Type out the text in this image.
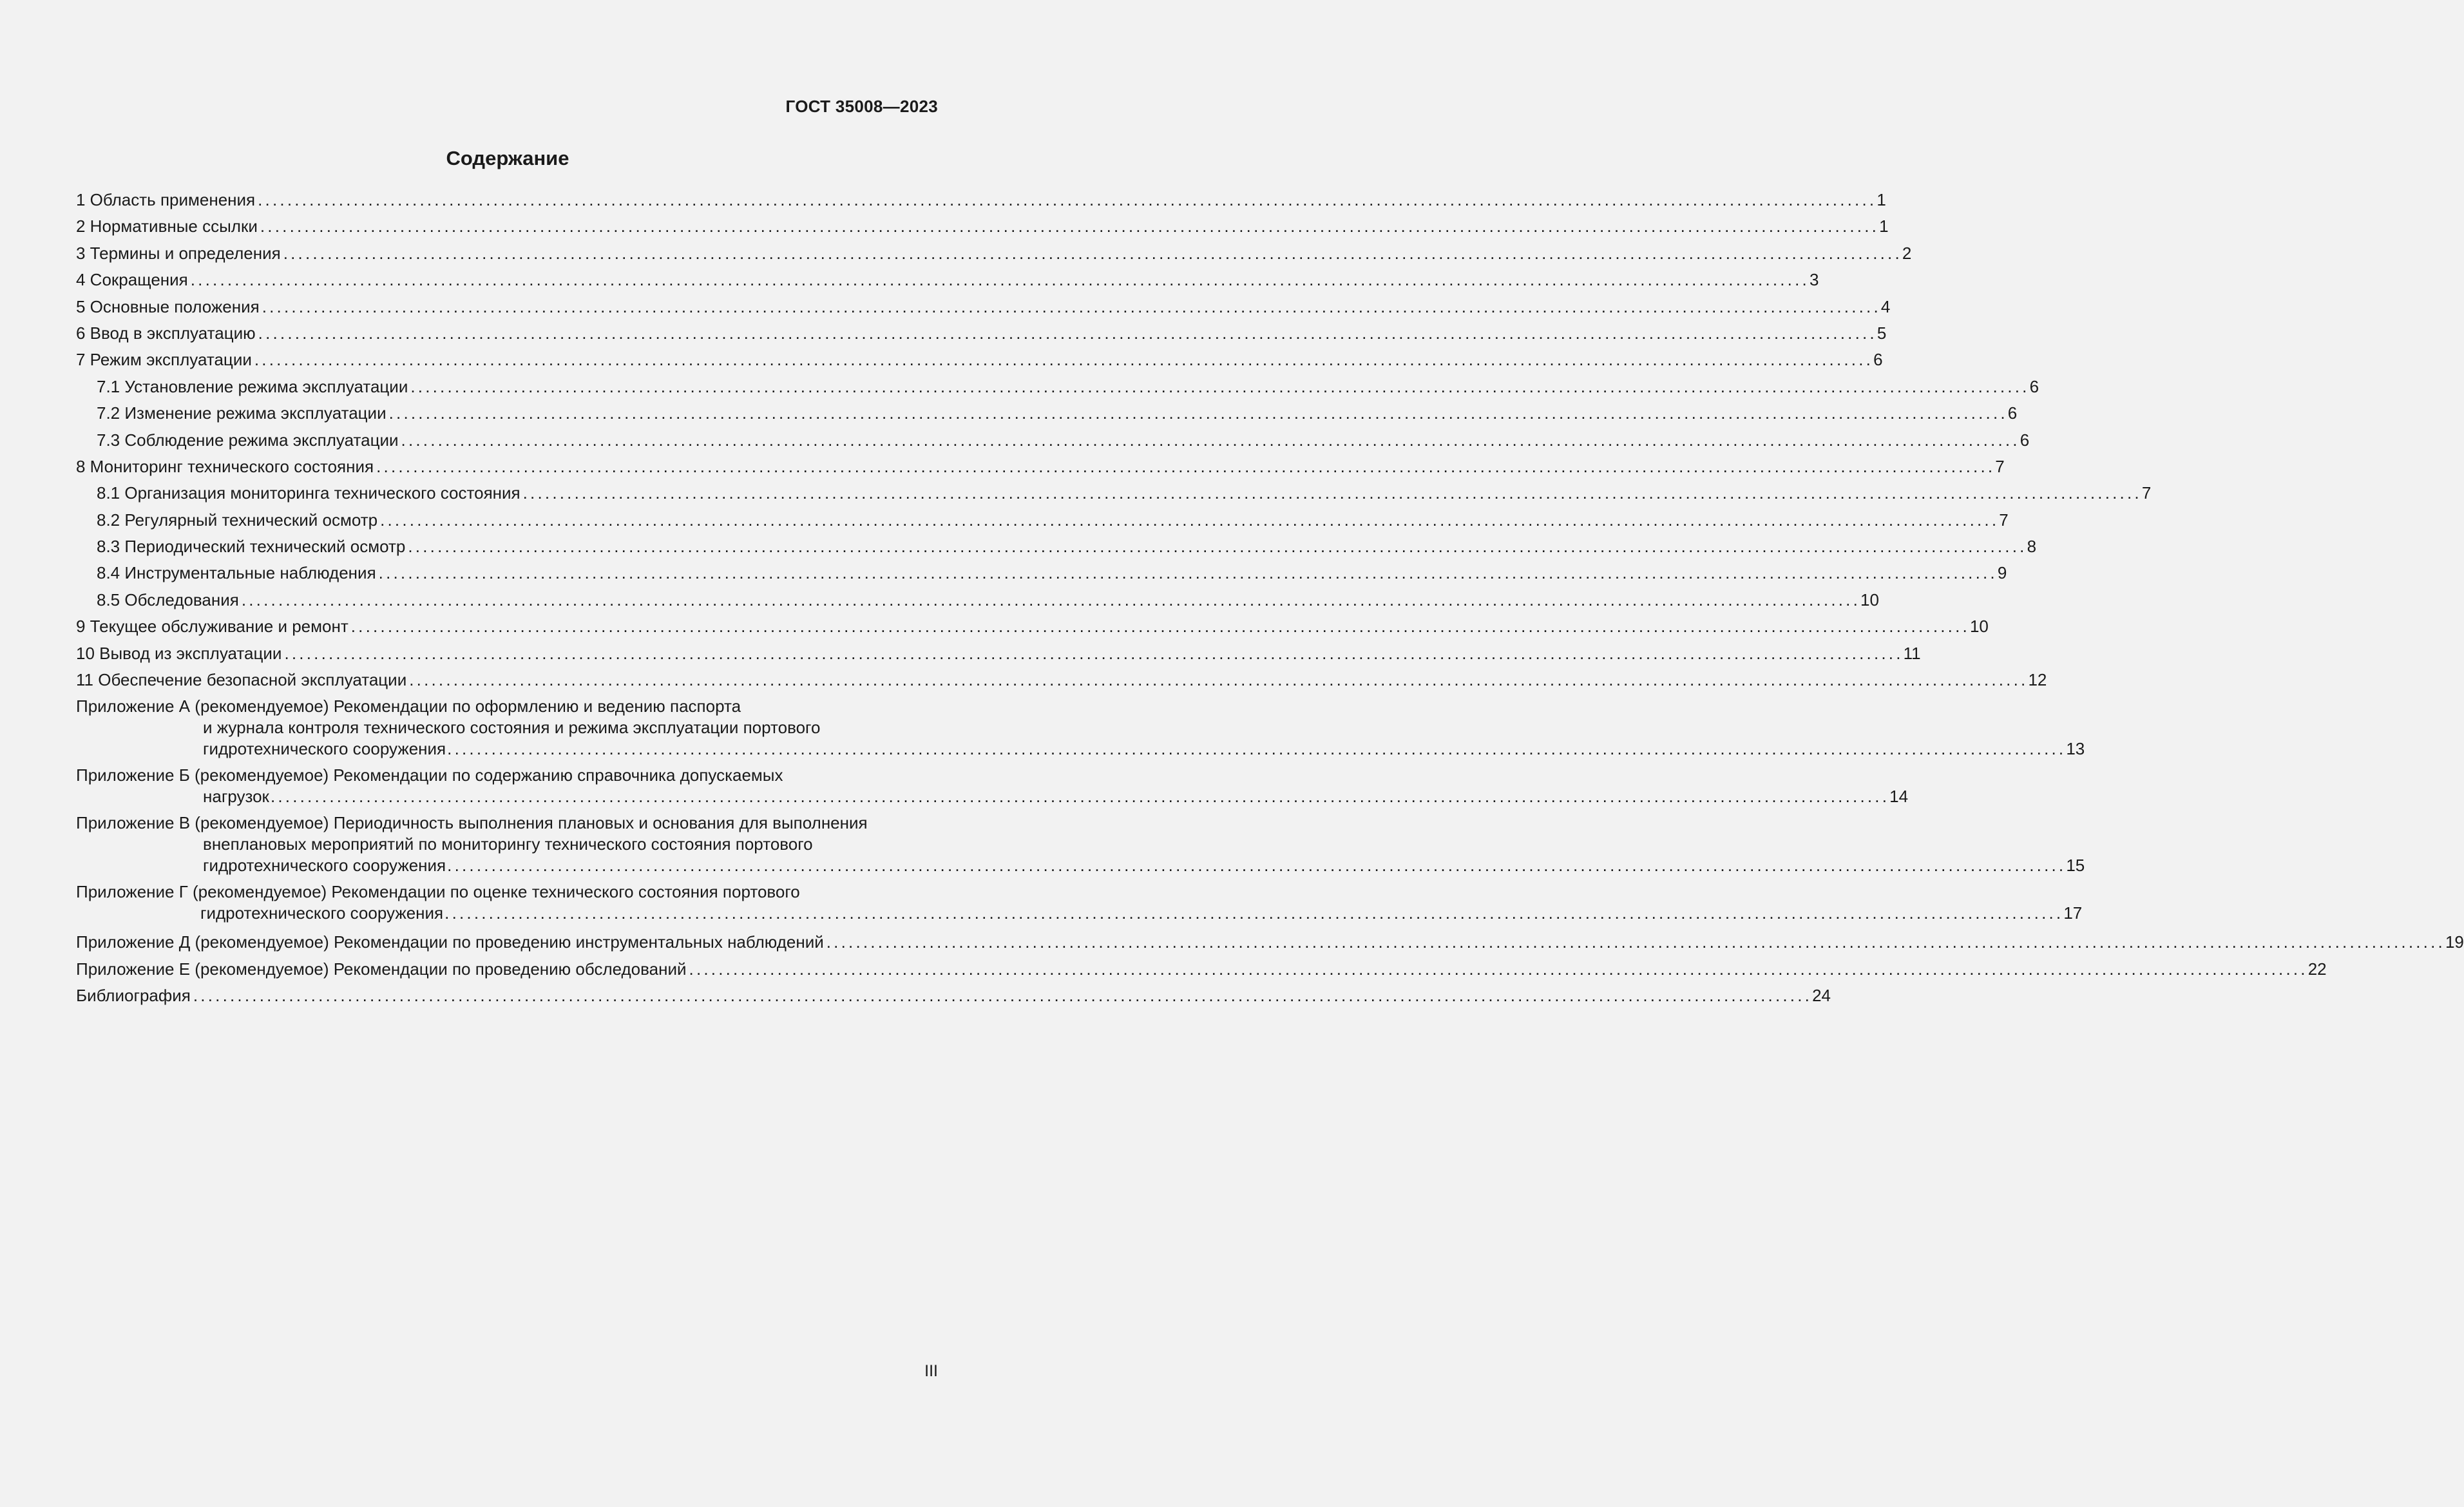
ГОСТ 35008—2023
Содержание
1 Область применения ............................................................................................................................................................................................................................ 1
2 Нормативные ссылки ............................................................................................................................................................................................................................ 1
3 Термины и определения ............................................................................................................................................................................................................................ 2
4 Сокращения ............................................................................................................................................................................................................................ 3
5 Основные положения ............................................................................................................................................................................................................................ 4
6 Ввод в эксплуатацию ............................................................................................................................................................................................................................ 5
7 Режим эксплуатации ............................................................................................................................................................................................................................ 6
7.1 Установление режима эксплуатации ............................................................................................................................................................................................................................ 6
7.2 Изменение режима эксплуатации ............................................................................................................................................................................................................................ 6
7.3 Соблюдение режима эксплуатации ............................................................................................................................................................................................................................ 6
8 Мониторинг технического состояния ............................................................................................................................................................................................................................ 7
8.1 Организация мониторинга технического состояния ............................................................................................................................................................................................................................ 7
8.2 Регулярный технический осмотр ............................................................................................................................................................................................................................ 7
8.3 Периодический технический осмотр ............................................................................................................................................................................................................................ 8
8.4 Инструментальные наблюдения ............................................................................................................................................................................................................................ 9
8.5 Обследования ............................................................................................................................................................................................................................ 10
9 Текущее обслуживание и ремонт ............................................................................................................................................................................................................................ 10
10 Вывод из эксплуатации ............................................................................................................................................................................................................................ 11
11 Обеспечение безопасной эксплуатации ............................................................................................................................................................................................................................ 12
Приложение А (рекомендуемое) Рекомендации по оформлению и ведению паспорта
и журнала контроля технического состояния и режима эксплуатации портового
гидротехнического сооружения ............................................................................................................................................................................................................................ 13
Приложение Б (рекомендуемое) Рекомендации по содержанию справочника допускаемых
нагрузок ............................................................................................................................................................................................................................ 14
Приложение В (рекомендуемое) Периодичность выполнения плановых и основания для выполнения
внеплановых мероприятий по мониторингу технического состояния портового
гидротехнического сооружения ............................................................................................................................................................................................................................ 15
Приложение Г (рекомендуемое) Рекомендации по оценке технического состояния портового
гидротехнического сооружения ............................................................................................................................................................................................................................ 17
Приложение Д (рекомендуемое) Рекомендации по проведению инструментальных наблюдений ............................................................................................................................................................................................................................ 19
Приложение Е (рекомендуемое) Рекомендации по проведению обследований ............................................................................................................................................................................................................................ 22
Библиография ............................................................................................................................................................................................................................ 24
III
